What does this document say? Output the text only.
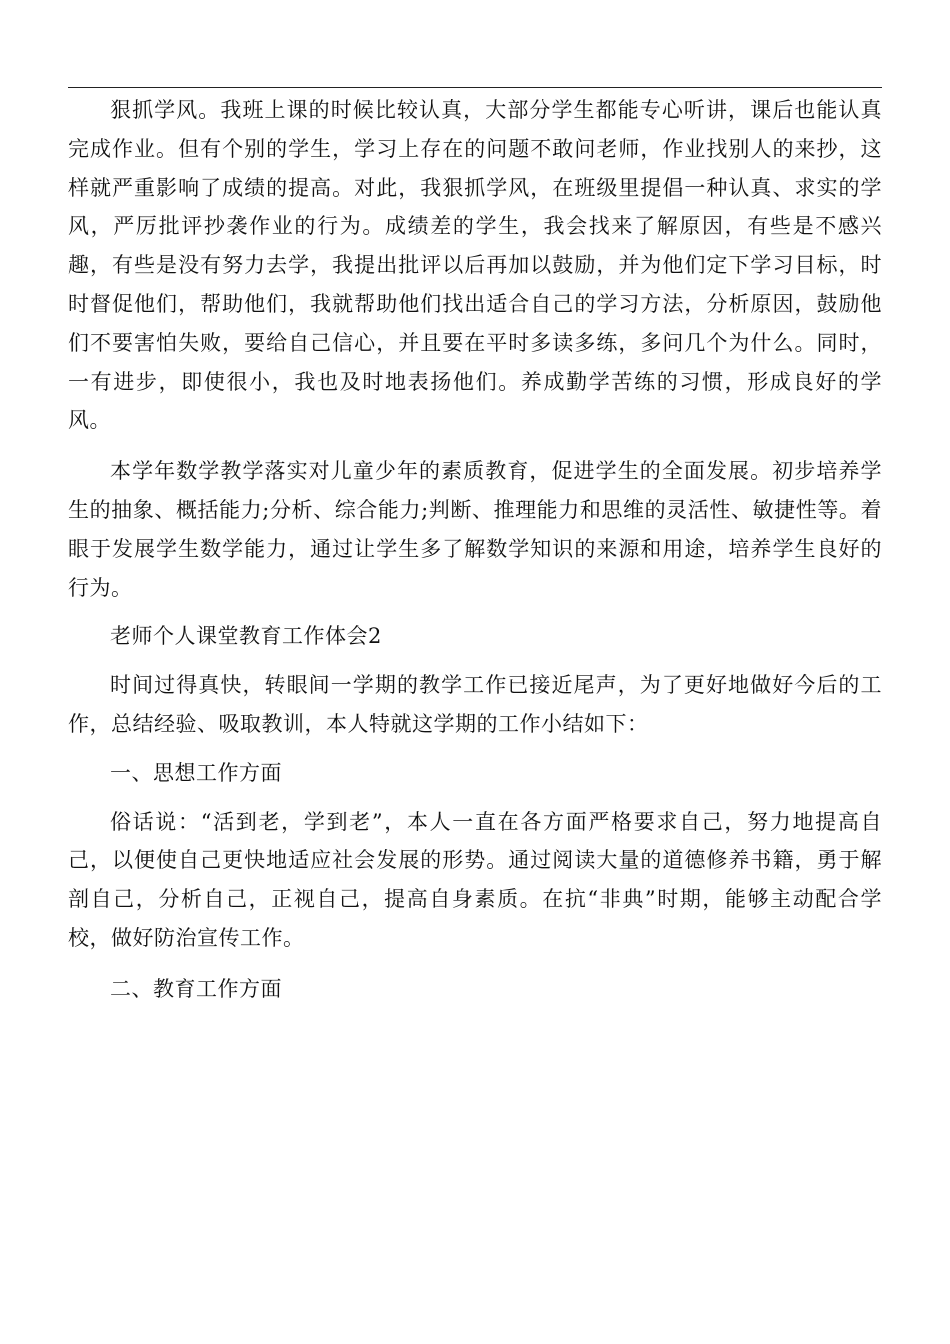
狠抓学风。我班上课的时候比较认真，大部分学生都能专心听讲，课后也能认真完成作业。但有个别的学生，学习上存在的问题不敢问老师，作业找别人的来抄，这样就严重影响了成绩的提高。对此，我狠抓学风，在班级里提倡一种认真、求实的学风，严厉批评抄袭作业的行为。成绩差的学生，我会找来了解原因，有些是不感兴趣，有些是没有努力去学，我提出批评以后再加以鼓励，并为他们定下学习目标，时时督促他们，帮助他们，我就帮助他们找出适合自己的学习方法，分析原因，鼓励他们不要害怕失败，要给自己信心，并且要在平时多读多练，多问几个为什么。同时，一有进步，即使很小，我也及时地表扬他们。养成勤学苦练的习惯，形成良好的学风。

本学年数学教学落实对儿童少年的素质教育，促进学生的全面发展。初步培养学生的抽象、概括能力;分析、综合能力;判断、推理能力和思维的灵活性、敏捷性等。着眼于发展学生数学能力，通过让学生多了解数学知识的来源和用途，培养学生良好的行为。

老师个人课堂教育工作体会2

时间过得真快，转眼间一学期的教学工作已接近尾声，为了更好地做好今后的工作，总结经验、吸取教训，本人特就这学期的工作小结如下：

一、思想工作方面

俗话说：“活到老，学到老”，本人一直在各方面严格要求自己，努力地提高自己，以便使自己更快地适应社会发展的形势。通过阅读大量的道德修养书籍，勇于解剖自己，分析自己，正视自己，提高自身素质。在抗“非典”时期，能够主动配合学校，做好防治宣传工作。

二、教育工作方面
